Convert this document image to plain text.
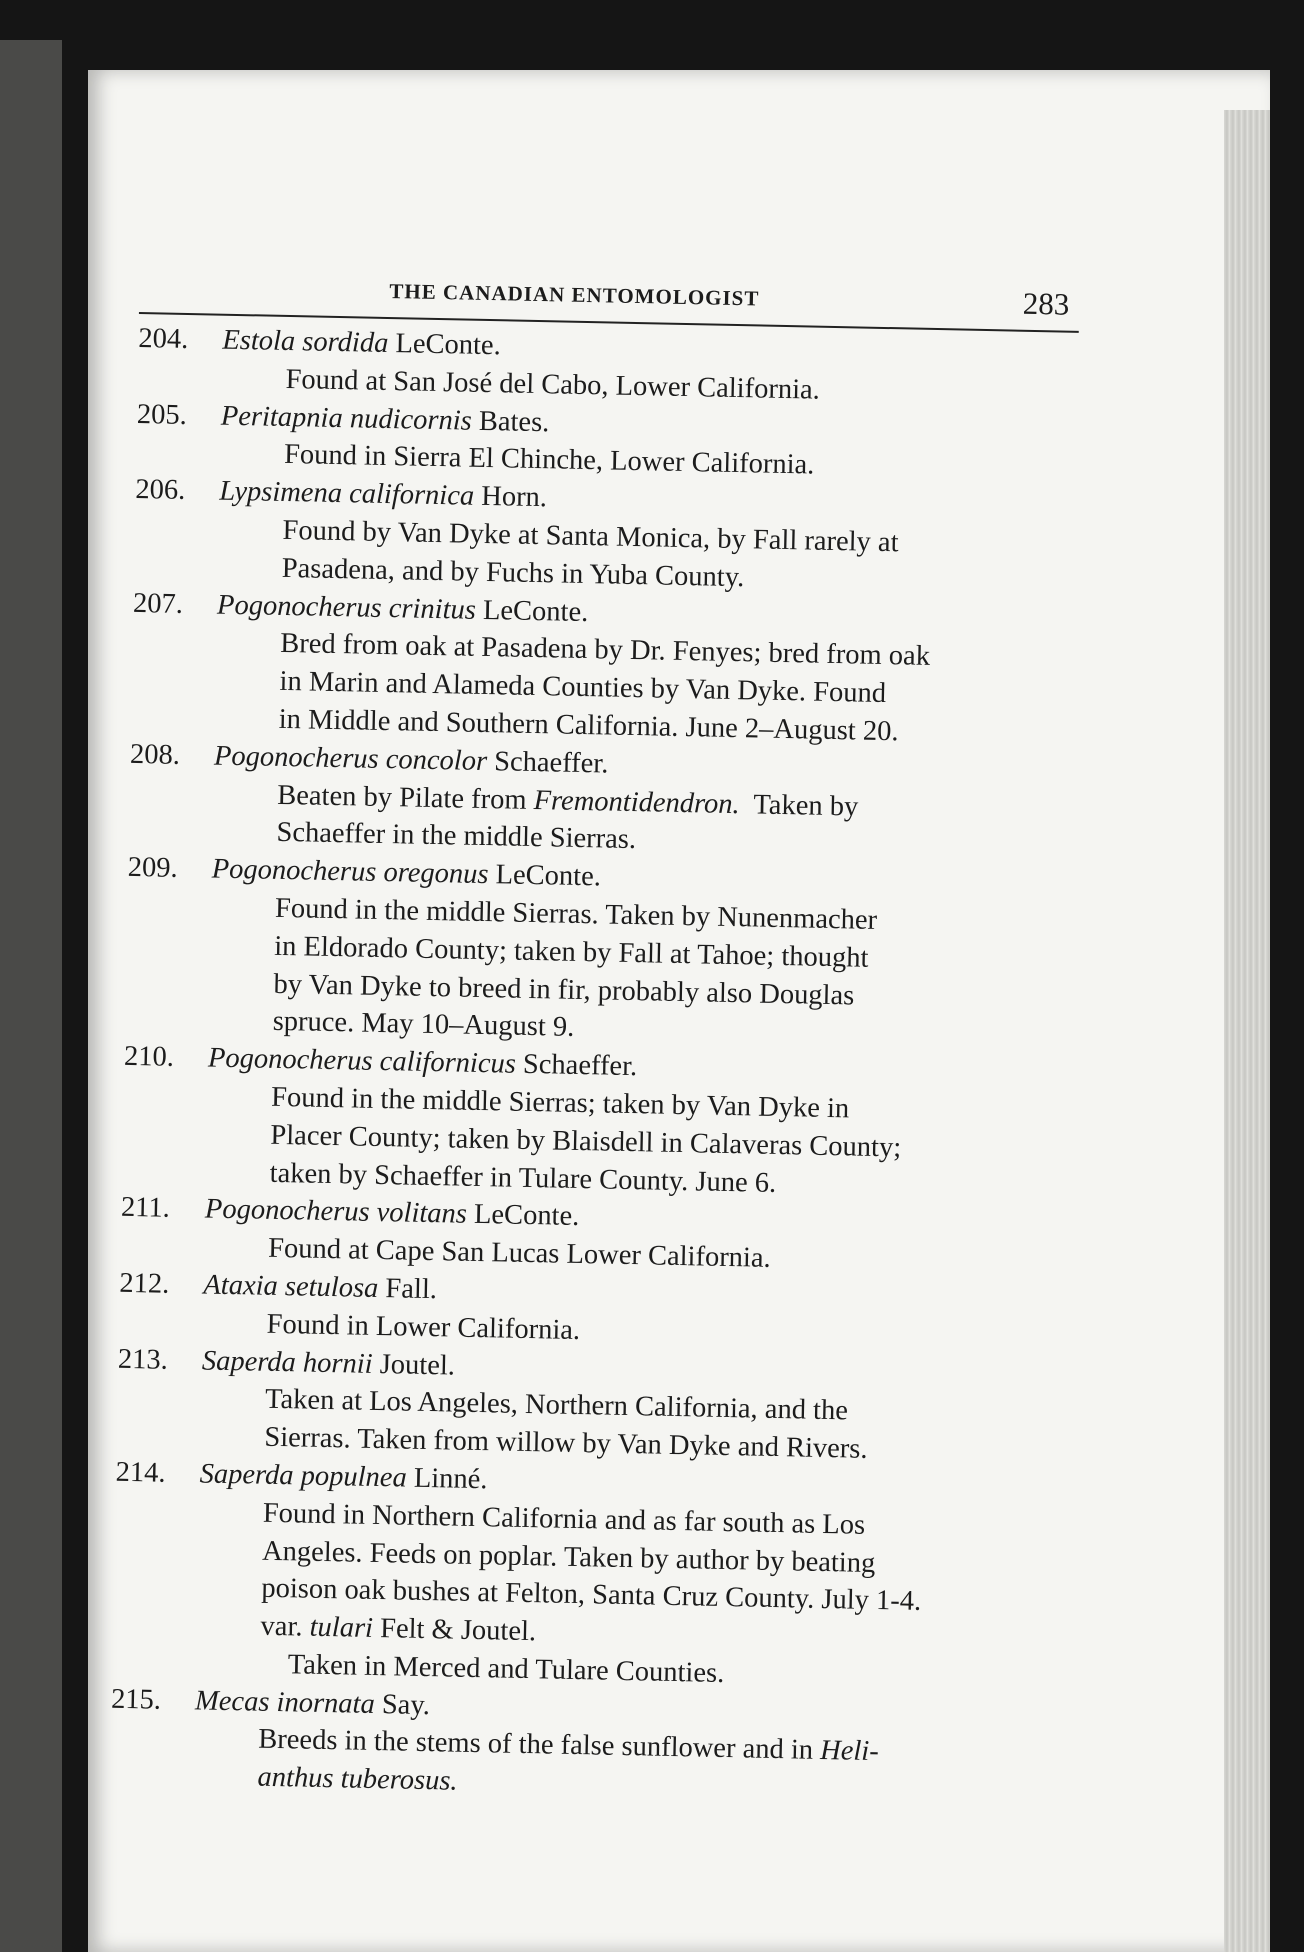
THE CANADIAN ENTOMOLOGIST	283
204. Estola sordida LeConte.
Found at San José del Cabo, Lower California.
205. Peritapnia nudicornis Bates.
Found in Sierra El Chinche, Lower California.
206. Lypsimena californica Horn.
Found by Van Dyke at Santa Monica, by Fall rarely at
Pasadena, and by Fuchs in Yuba County.
207. Pogonocherus crinitus LeConte.
Bred from oak at Pasadena by Dr. Fenyes; bred from oak
in Marin and Alameda Counties by Van Dyke. Found
in Middle and Southern California. June 2–August 20.
208. Pogonocherus concolor Schaeffer.
Beaten by Pilate from Fremontidendron.  Taken by
Schaeffer in the middle Sierras.
209. Pogonocherus oregonus LeConte.
Found in the middle Sierras. Taken by Nunenmacher
in Eldorado County; taken by Fall at Tahoe; thought
by Van Dyke to breed in fir, probably also Douglas
spruce. May 10–August 9.
210. Pogonocherus californicus Schaeffer.
Found in the middle Sierras; taken by Van Dyke in
Placer County; taken by Blaisdell in Calaveras County;
taken by Schaeffer in Tulare County. June 6.
211. Pogonocherus volitans LeConte.
Found at Cape San Lucas Lower California.
212. Ataxia setulosa Fall.
Found in Lower California.
213. Saperda hornii Joutel.
Taken at Los Angeles, Northern California, and the
Sierras. Taken from willow by Van Dyke and Rivers.
214. Saperda populnea Linné.
Found in Northern California and as far south as Los
Angeles. Feeds on poplar. Taken by author by beating
poison oak bushes at Felton, Santa Cruz County. July 1-4.
var. tulari Felt & Joutel.
Taken in Merced and Tulare Counties.
215. Mecas inornata Say.
Breeds in the stems of the false sunflower and in Heli-
anthus tuberosus.
